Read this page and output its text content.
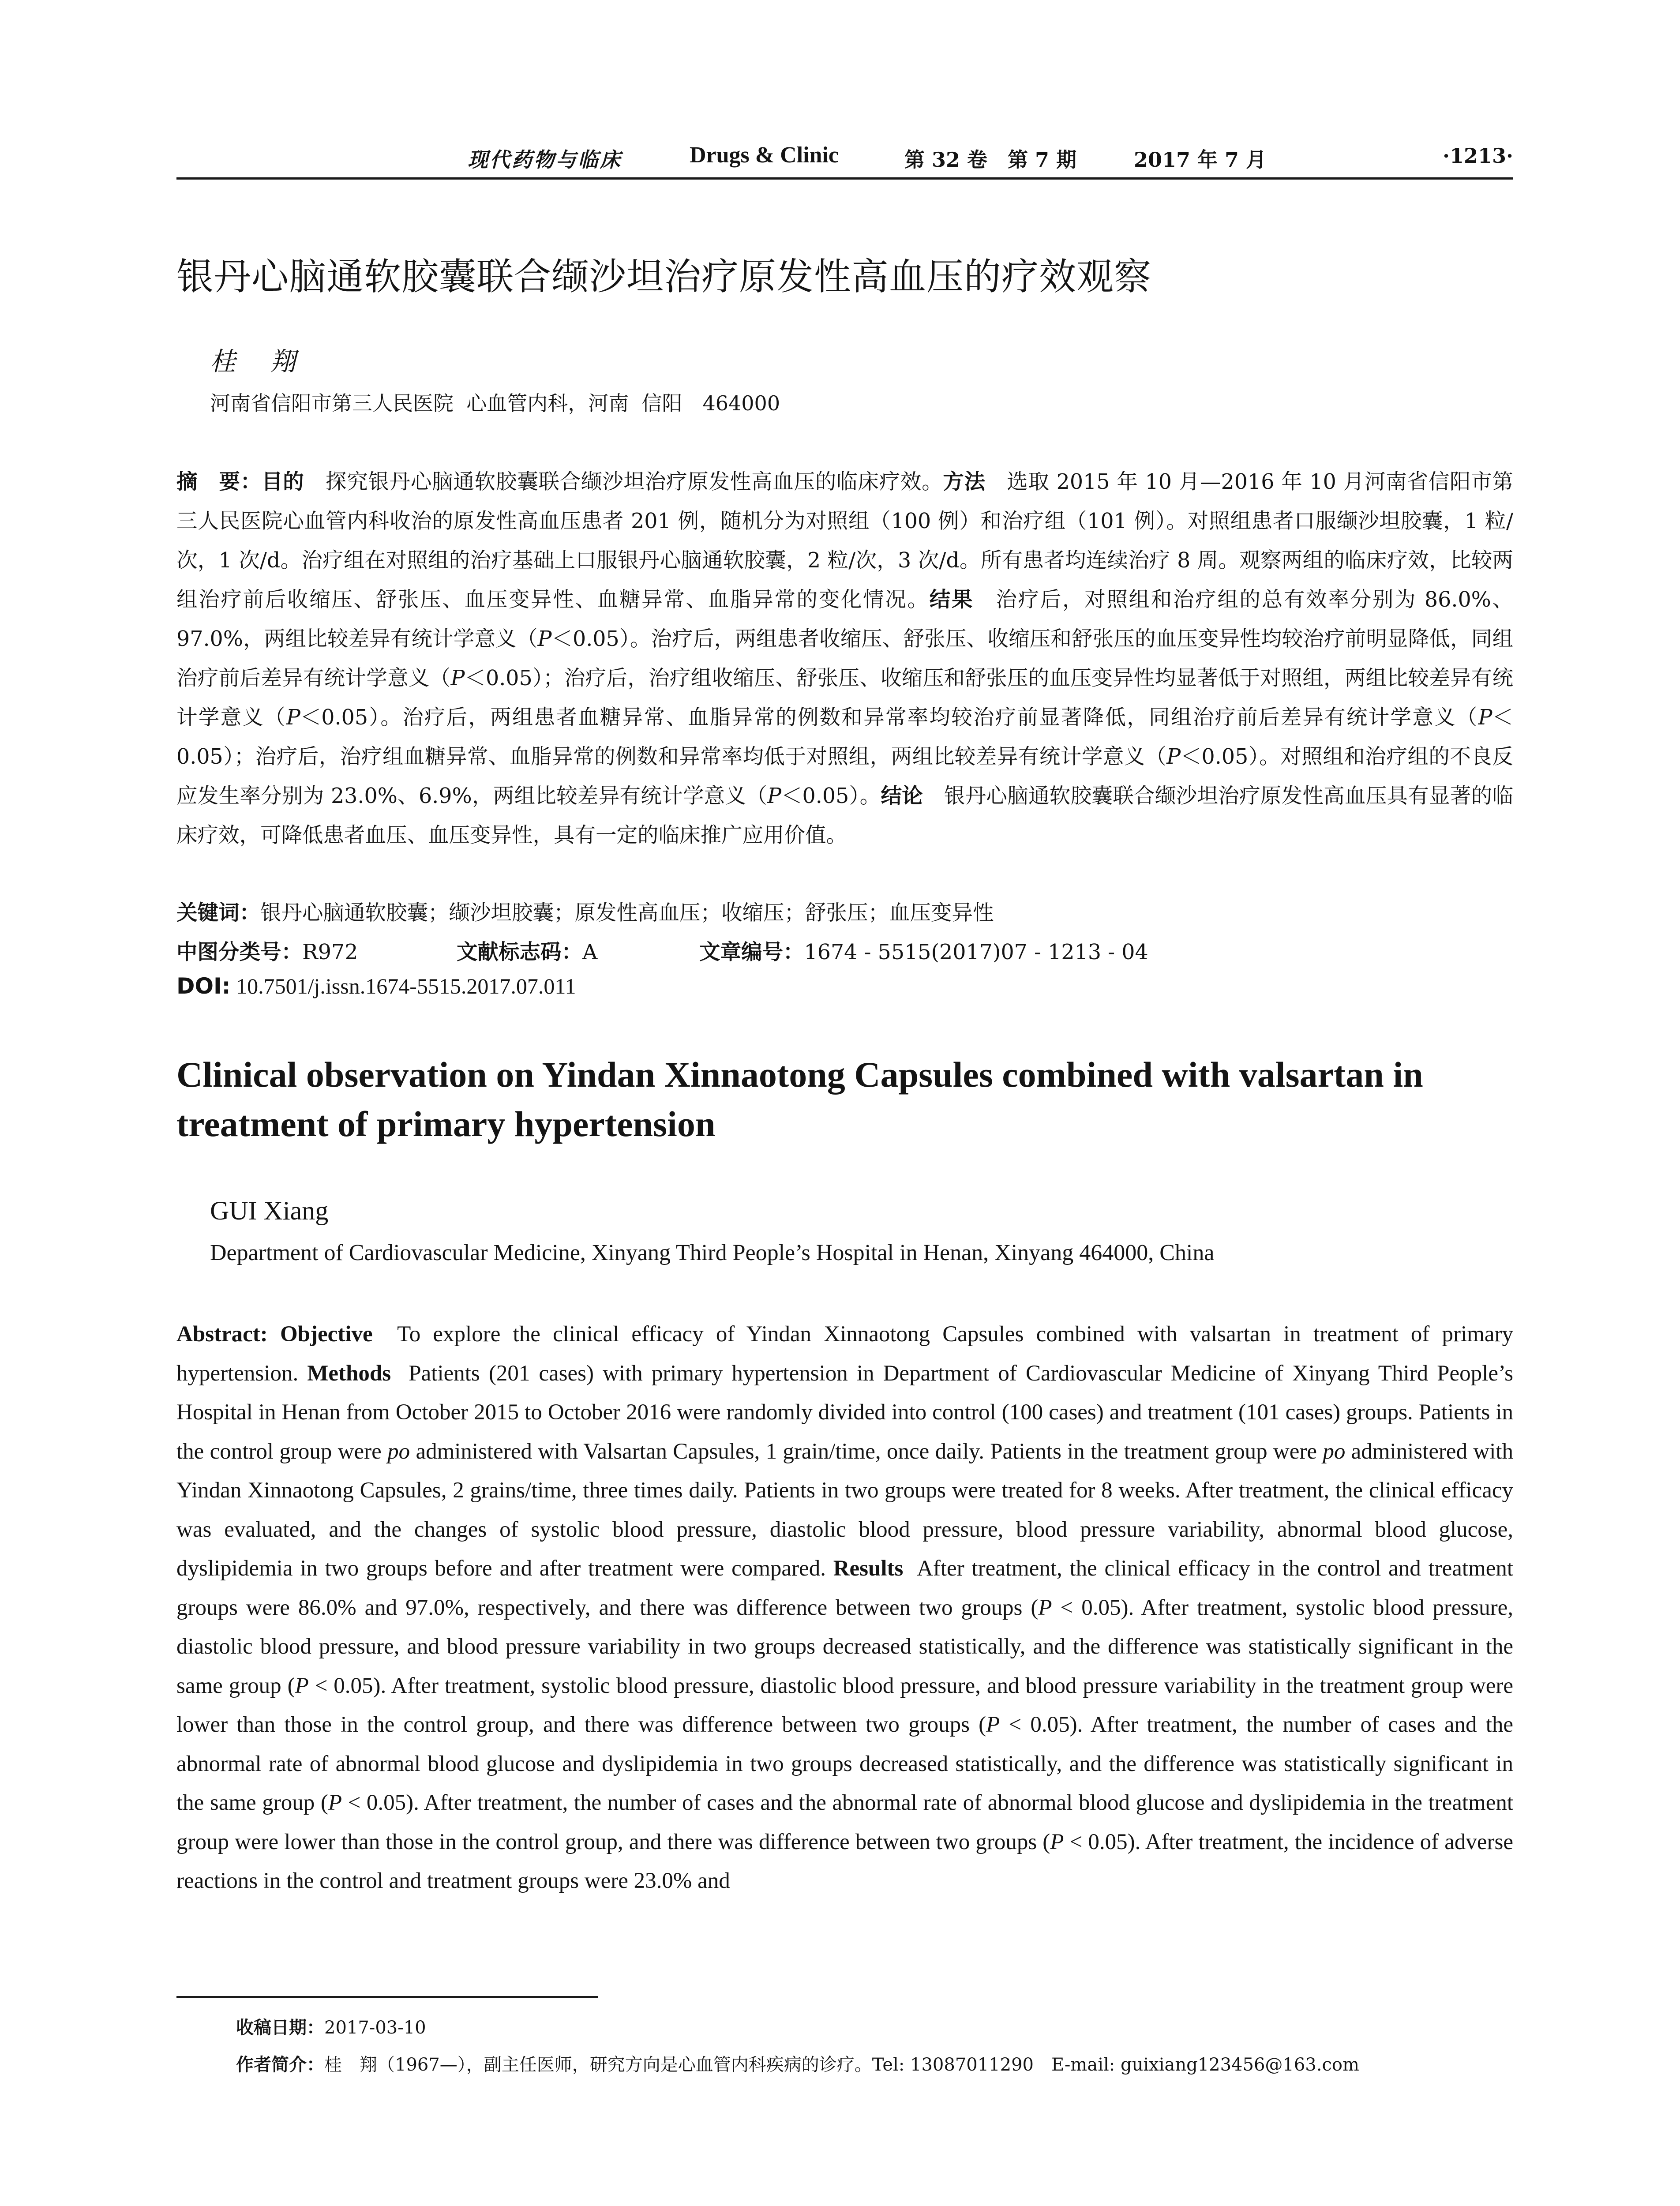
现代药物与临床	Drugs & Clinic	第 32 卷　第 7 期	2017 年 7 月	·1213·
银丹心脑通软胶囊联合缬沙坦治疗原发性高血压的疗效观察
桂　翔
河南省信阳市第三人民医院  心血管内科，河南  信阳　464000
摘　要：目的　 探究银丹心脑通软胶囊联合缬沙坦治疗原发性高血压的临床疗效。方法　 选取 2015 年 10 月—2016 年 10 月河南省信阳市第三人民医院心血管内科收治的原发性高血压患者 201 例，随机分为对照组（100 例）和治疗组（101 例）。对照组患者口服缬沙坦胶囊，1 粒/次，1 次/d。治疗组在对照组的治疗基础上口服银丹心脑通软胶囊，2 粒/次，3 次/d。所有患者均连续治疗 8 周。观察两组的临床疗效，比较两组治疗前后收缩压、舒张压、血压变异性、血糖异常、血脂异常的变化情况。结果　 治疗后，对照组和治疗组的总有效率分别为 86.0%、97.0%，两组比较差异有统计学意义（P＜0.05）。治疗后，两组患者收缩压、舒张压、收缩压和舒张压的血压变异性均较治疗前明显降低，同组治疗前后差异有统计学意义（P＜0.05）；治疗后，治疗组收缩压、舒张压、收缩压和舒张压的血压变异性均显著低于对照组，两组比较差异有统计学意义（P＜0.05）。治疗后，两组患者血糖异常、血脂异常的例数和异常率均较治疗前显著降低，同组治疗前后差异有统计学意义（P＜0.05）；治疗后，治疗组血糖异常、血脂异常的例数和异常率均低于对照组，两组比较差异有统计学意义（P＜0.05）。对照组和治疗组的不良反应发生率分别为 23.0%、6.9%，两组比较差异有统计学意义（P＜0.05）。结论　 银丹心脑通软胶囊联合缬沙坦治疗原发性高血压具有显著的临床疗效，可降低患者血压、血压变异性，具有一定的临床推广应用价值。
关键词：银丹心脑通软胶囊；缬沙坦胶囊；原发性高血压；收缩压；舒张压；血压变异性
中图分类号：R972	文献标志码：A	文章编号：1674 - 5515(2017)07 - 1213 - 04
DOI: 10.7501/j.issn.1674-5515.2017.07.011
Clinical observation on Yindan Xinnaotong Capsules combined with valsartan in treatment of primary hypertension
GUI Xiang
Department of Cardiovascular Medicine, Xinyang Third People’s Hospital in Henan, Xinyang 464000, China
Abstract: Objective To explore the clinical efficacy of Yindan Xinnaotong Capsules combined with valsartan in treatment of primary hypertension. Methods Patients (201 cases) with primary hypertension in Department of Cardiovascular Medicine of Xinyang Third People’s Hospital in Henan from October 2015 to October 2016 were randomly divided into control (100 cases) and treatment (101 cases) groups. Patients in the control group were po administered with Valsartan Capsules, 1 grain/time, once daily. Patients in the treatment group were po administered with Yindan Xinnaotong Capsules, 2 grains/time, three times daily. Patients in two groups were treated for 8 weeks. After treatment, the clinical efficacy was evaluated, and the changes of systolic blood pressure, diastolic blood pressure, blood pressure variability, abnormal blood glucose, dyslipidemia in two groups before and after treatment were compared. Results After treatment, the clinical efficacy in the control and treatment groups were 86.0% and 97.0%, respectively, and there was difference between two groups (P < 0.05). After treatment, systolic blood pressure, diastolic blood pressure, and blood pressure variability in two groups decreased statistically, and the difference was statistically significant in the same group (P < 0.05). After treatment, systolic blood pressure, diastolic blood pressure, and blood pressure variability in the treatment group were lower than those in the control group, and there was difference between two groups (P < 0.05). After treatment, the number of cases and the abnormal rate of abnormal blood glucose and dyslipidemia in two groups decreased statistically, and the difference was statistically significant in the same group (P < 0.05). After treatment, the number of cases and the abnormal rate of abnormal blood glucose and dyslipidemia in the treatment group were lower than those in the control group, and there was difference between two groups (P < 0.05). After treatment, the incidence of adverse reactions in the control and treatment groups were 23.0% and
收稿日期：2017-03-10
作者简介：桂　翔（1967—），副主任医师，研究方向是心血管内科疾病的诊疗。Tel: 13087011290　E-mail: guixiang123456@163.com
